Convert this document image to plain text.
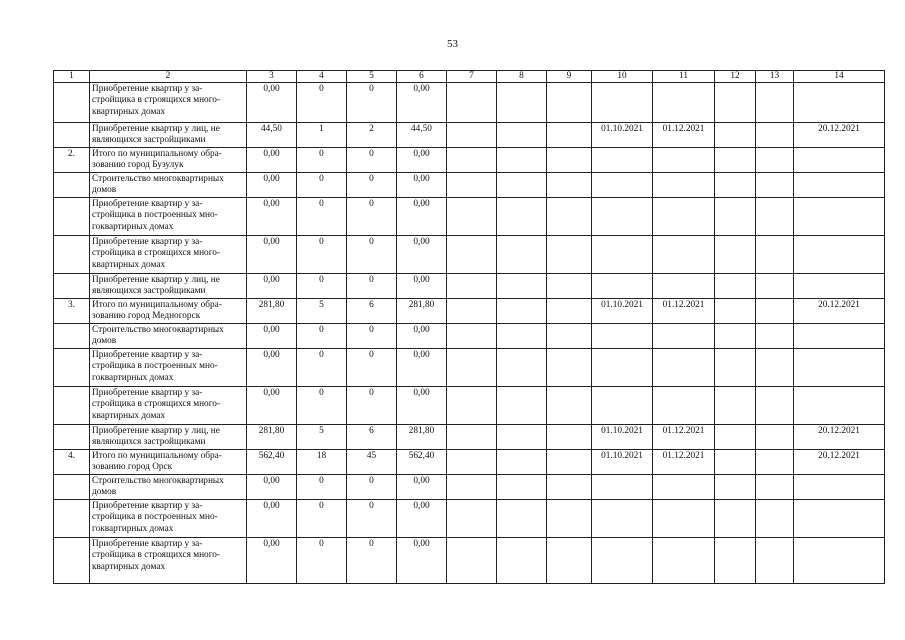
53
1	2	3	4	5	6	7	8	9	10	11	12	13	14
	Приобретение квартир у за-стройщика в строящихся много-квартирных домах	0,00	0	0	0,00								
	Приобретение квартир у лиц, не являющихся застройщиками	44,50	1	2	44,50				01.10.2021	01.12.2021			20.12.2021
2.	Итого по муниципальному обра-зованию город Бузулук	0,00	0	0	0,00								
	Строительство многоквартирных домов	0,00	0	0	0,00								
	Приобретение квартир у за-стройщика в построенных мно-гоквартирных домах	0,00	0	0	0,00								
	Приобретение квартир у за-стройщика в строящихся много-квартирных домах	0,00	0	0	0,00								
	Приобретение квартир у лиц, не являющихся застройщиками	0,00	0	0	0,00								
3.	Итого по муниципальному обра-зованию город Медногорск	281,80	5	6	281,80				01.10.2021	01.12.2021			20.12.2021
	Строительство многоквартирных домов	0,00	0	0	0,00								
	Приобретение квартир у за-стройщика в построенных мно-гоквартирных домах	0,00	0	0	0,00								
	Приобретение квартир у за-стройщика в строящихся много-квартирных домах	0,00	0	0	0,00								
	Приобретение квартир у лиц, не являющихся застройщиками	281,80	5	6	281,80				01.10.2021	01.12.2021			20.12.2021
4.	Итого по муниципальному обра-зованию город Орск	562,40	18	45	562,40				01.10.2021	01.12.2021			20.12.2021
	Строительство многоквартирных домов	0,00	0	0	0,00								
	Приобретение квартир у за-стройщика в построенных мно-гоквартирных домах	0,00	0	0	0,00								
	Приобретение квартир у за-стройщика в строящихся много-квартирных домах	0,00	0	0	0,00								
